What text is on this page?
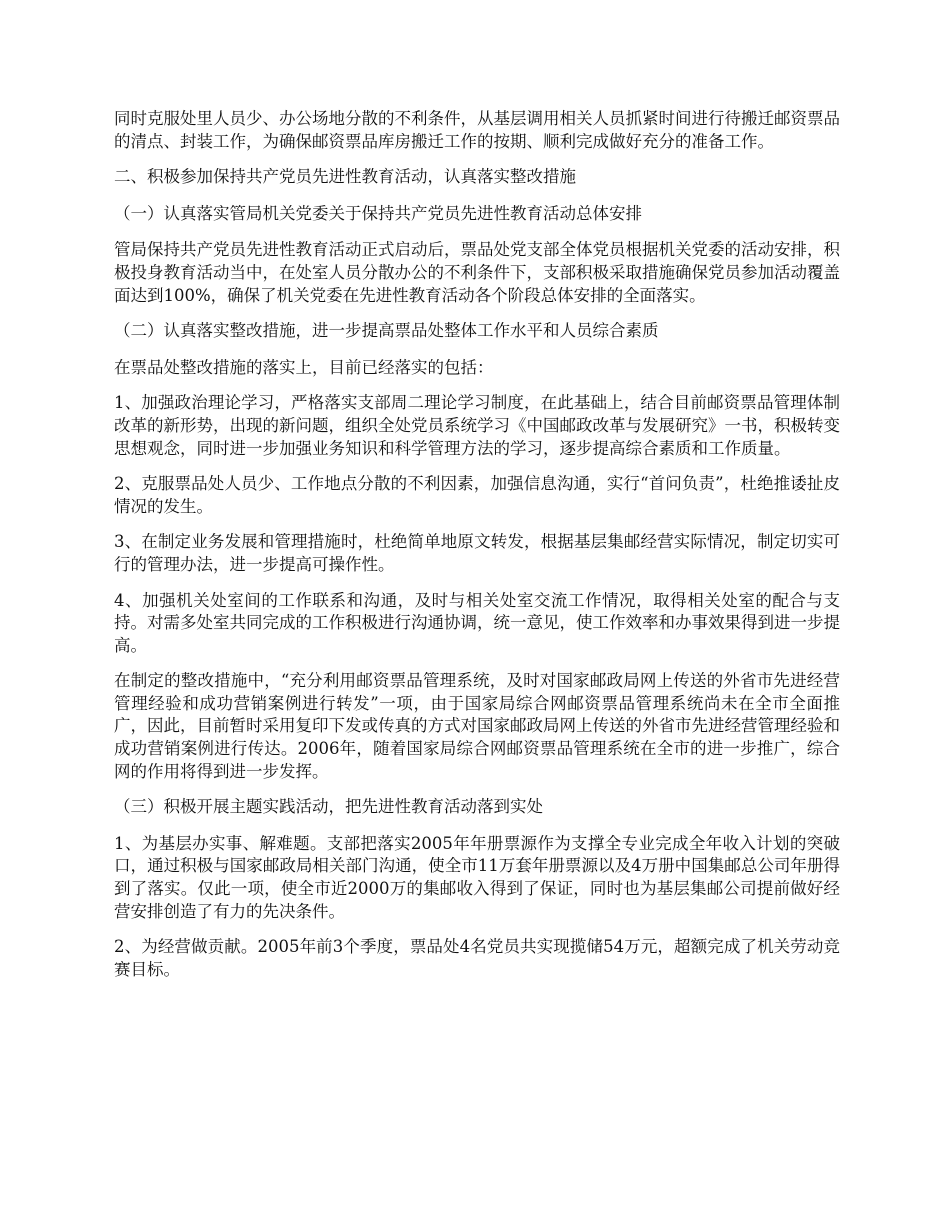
同时克服处里人员少、办公场地分散的不利条件，从基层调用相关人员抓紧时间进行待搬迁邮资票品的清点、封装工作，为确保邮资票品库房搬迁工作的按期、顺利完成做好充分的准备工作。

二、积极参加保持共产党员先进性教育活动，认真落实整改措施

（一）认真落实管局机关党委关于保持共产党员先进性教育活动总体安排

管局保持共产党员先进性教育活动正式启动后，票品处党支部全体党员根据机关党委的活动安排，积极投身教育活动当中，在处室人员分散办公的不利条件下，支部积极采取措施确保党员参加活动覆盖面达到100%，确保了机关党委在先进性教育活动各个阶段总体安排的全面落实。

（二）认真落实整改措施，进一步提高票品处整体工作水平和人员综合素质

在票品处整改措施的落实上，目前已经落实的包括：

1、加强政治理论学习，严格落实支部周二理论学习制度，在此基础上，结合目前邮资票品管理体制改革的新形势，出现的新问题，组织全处党员系统学习《中国邮政改革与发展研究》一书，积极转变思想观念，同时进一步加强业务知识和科学管理方法的学习，逐步提高综合素质和工作质量。

2、克服票品处人员少、工作地点分散的不利因素，加强信息沟通，实行“首问负责”，杜绝推诿扯皮情况的发生。

3、在制定业务发展和管理措施时，杜绝简单地原文转发，根据基层集邮经营实际情况，制定切实可行的管理办法，进一步提高可操作性。

4、加强机关处室间的工作联系和沟通，及时与相关处室交流工作情况，取得相关处室的配合与支持。对需多处室共同完成的工作积极进行沟通协调，统一意见，使工作效率和办事效果得到进一步提高。

在制定的整改措施中，“充分利用邮资票品管理系统，及时对国家邮政局网上传送的外省市先进经营管理经验和成功营销案例进行转发”一项，由于国家局综合网邮资票品管理系统尚未在全市全面推广，因此，目前暂时采用复印下发或传真的方式对国家邮政局网上传送的外省市先进经营管理经验和成功营销案例进行传达。2006年，随着国家局综合网邮资票品管理系统在全市的进一步推广，综合网的作用将得到进一步发挥。

（三）积极开展主题实践活动，把先进性教育活动落到实处

1、为基层办实事、解难题。支部把落实2005年年册票源作为支撑全专业完成全年收入计划的突破口，通过积极与国家邮政局相关部门沟通，使全市11万套年册票源以及4万册中国集邮总公司年册得到了落实。仅此一项，使全市近2000万的集邮收入得到了保证，同时也为基层集邮公司提前做好经营安排创造了有力的先决条件。

2、为经营做贡献。2005年前3个季度，票品处4名党员共实现揽储54万元，超额完成了机关劳动竞赛目标。
